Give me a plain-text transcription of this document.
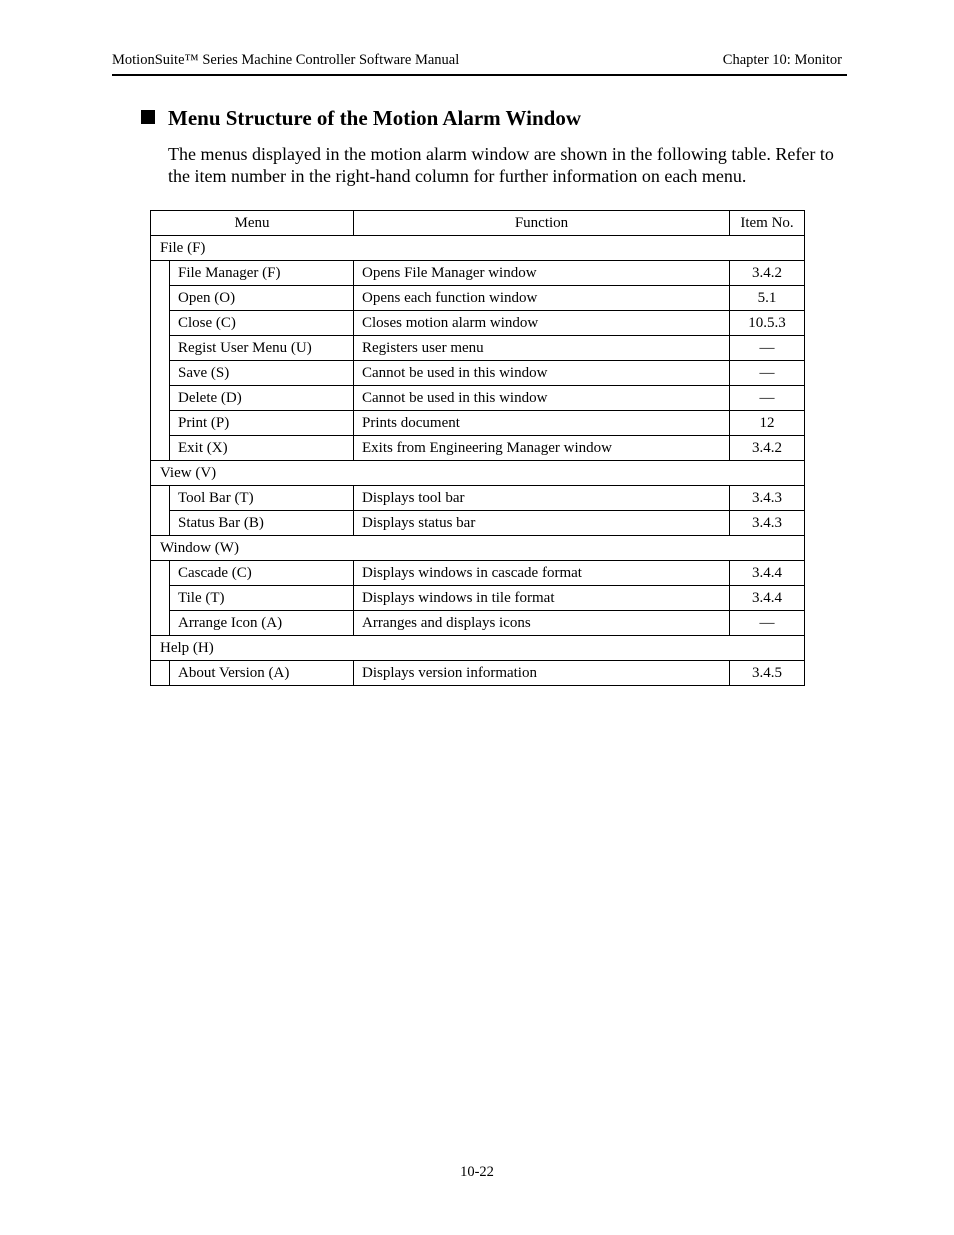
MotionSuite™ Series Machine Controller Software Manual	Chapter 10: Monitor
Menu Structure of the Motion Alarm Window
The menus displayed in the motion alarm window are shown in the following table. Refer to the item number in the right-hand column for further information on each menu.
Menu		Function	Item No.
File (F)			
	File Manager (F)	Opens File Manager window	3.4.2
	Open (O)	Opens each function window	5.1
	Close (C)	Closes motion alarm window	10.5.3
	Regist User Menu (U)	Registers user menu	—
	Save (S)	Cannot be used in this window	—
	Delete (D)	Cannot be used in this window	—
	Print (P)	Prints document	12
	Exit (X)	Exits from Engineering Manager window	3.4.2
View (V)			
	Tool Bar (T)	Displays tool bar	3.4.3
	Status Bar (B)	Displays status bar	3.4.3
Window (W)			
	Cascade (C)	Displays windows in cascade format	3.4.4
	Tile (T)	Displays windows in tile format	3.4.4
	Arrange Icon (A)	Arranges and displays icons	—
Help (H)			
	About Version (A)	Displays version information	3.4.5
10-22
